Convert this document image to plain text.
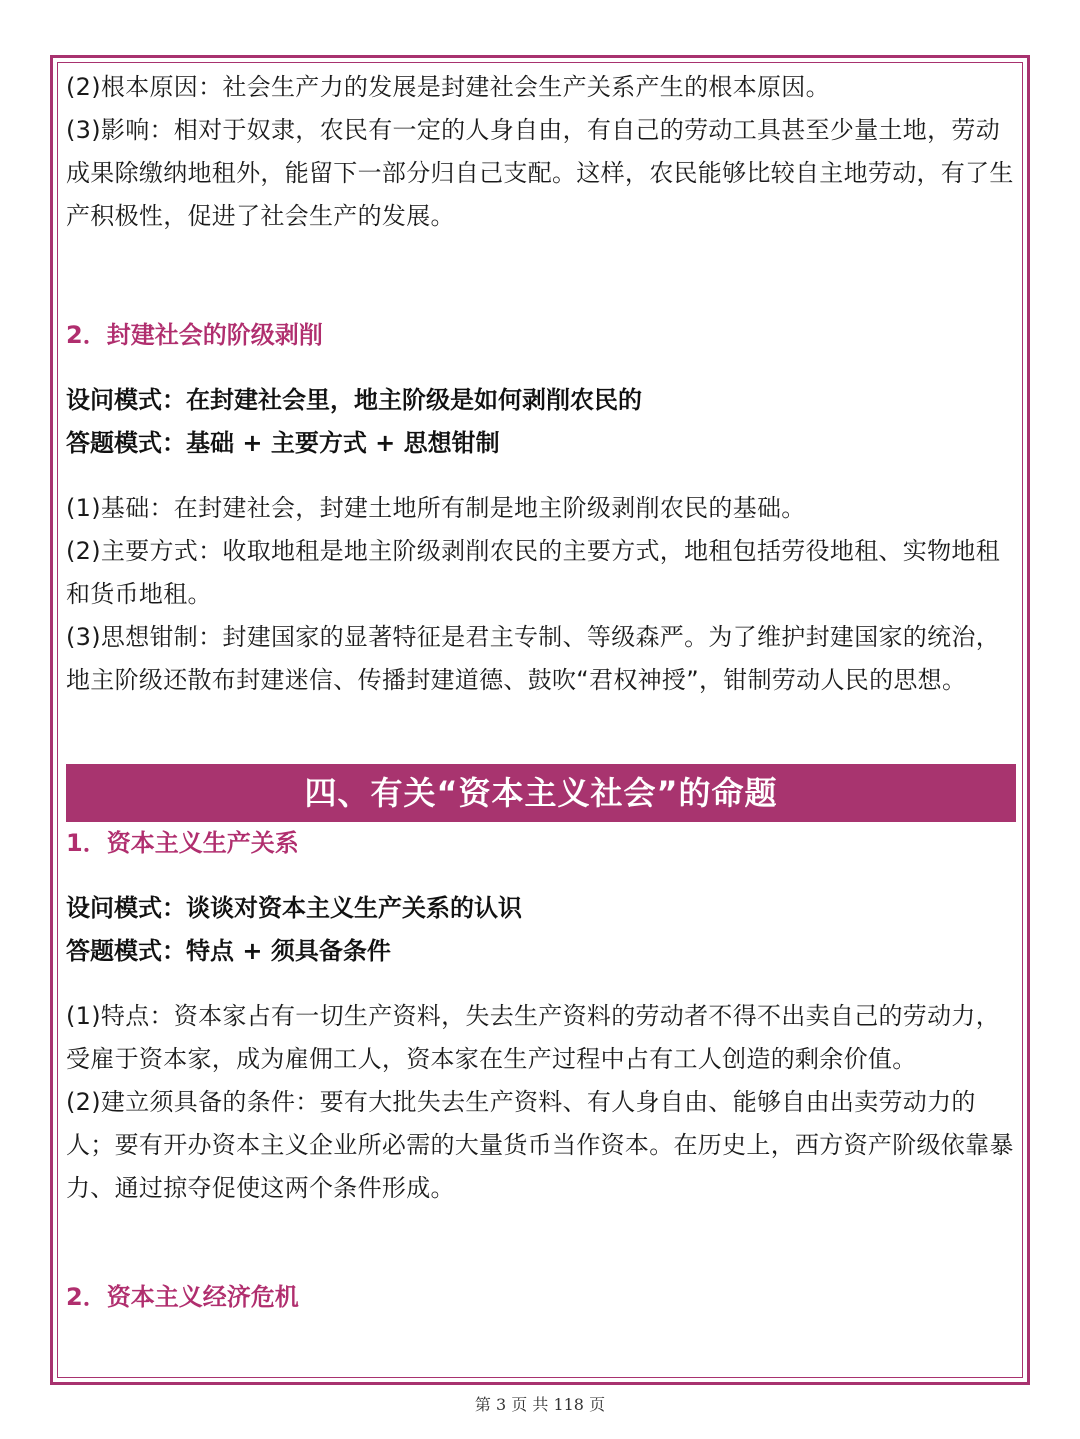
(2)根本原因：社会生产力的发展是封建社会生产关系产生的根本原因。

(3)影响：相对于奴隶，农民有一定的人身自由，有自己的劳动工具甚至少量土地，劳动成果除缴纳地租外，能留下一部分归自己支配。这样，农民能够比较自主地劳动，有了生产积极性，促进了社会生产的发展。

2．封建社会的阶级剥削

设问模式：在封建社会里，地主阶级是如何剥削农民的

答题模式：基础 + 主要方式 + 思想钳制

(1)基础：在封建社会，封建土地所有制是地主阶级剥削农民的基础。

(2)主要方式：收取地租是地主阶级剥削农民的主要方式，地租包括劳役地租、实物地租和货币地租。

(3)思想钳制：封建国家的显著特征是君主专制、等级森严。为了维护封建国家的统治，地主阶级还散布封建迷信、传播封建道德、鼓吹“君权神授”，钳制劳动人民的思想。

四、有关“资本主义社会”的命题

1．资本主义生产关系

设问模式：谈谈对资本主义生产关系的认识

答题模式：特点 + 须具备条件

(1)特点：资本家占有一切生产资料，失去生产资料的劳动者不得不出卖自己的劳动力，受雇于资本家，成为雇佣工人，资本家在生产过程中占有工人创造的剩余价值。

(2)建立须具备的条件：要有大批失去生产资料、有人身自由、能够自由出卖劳动力的人；要有开办资本主义企业所必需的大量货币当作资本。在历史上，西方资产阶级依靠暴力、通过掠夺促使这两个条件形成。

2．资本主义经济危机

第 3 页 共 118 页
